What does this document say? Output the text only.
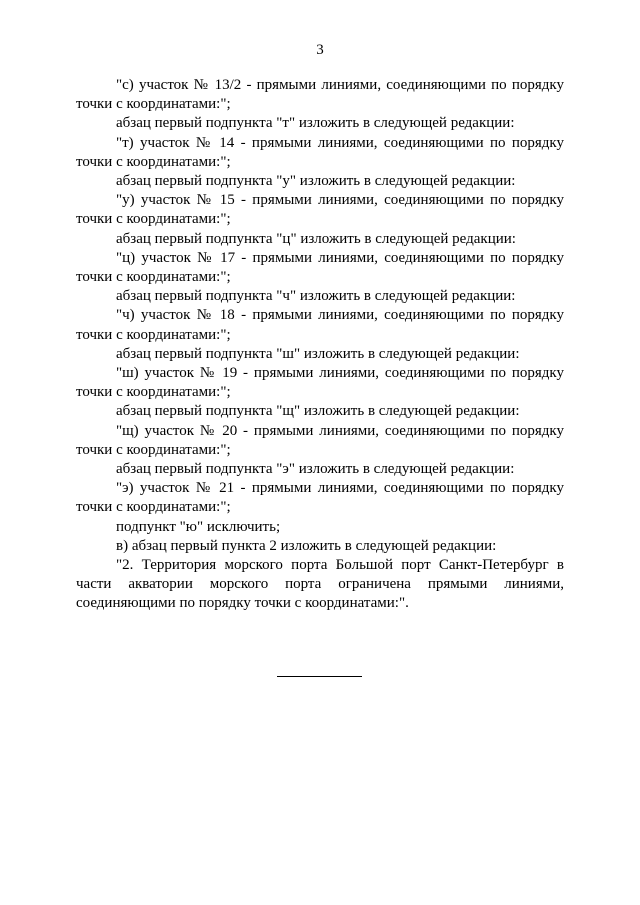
3

"с) участок № 13/2 - прямыми линиями, соединяющими по порядку точки с координатами:";

абзац первый подпункта "т" изложить в следующей редакции:

"т) участок № 14 - прямыми линиями, соединяющими по порядку точки с координатами:";

абзац первый подпункта "у" изложить в следующей редакции:

"у) участок № 15 - прямыми линиями, соединяющими по порядку точки с координатами:";

абзац первый подпункта "ц" изложить в следующей редакции:

"ц) участок № 17 - прямыми линиями, соединяющими по порядку точки с координатами:";

абзац первый подпункта "ч" изложить в следующей редакции:

"ч) участок № 18 - прямыми линиями, соединяющими по порядку точки с координатами:";

абзац первый подпункта "ш" изложить в следующей редакции:

"ш) участок № 19 - прямыми линиями, соединяющими по порядку точки с координатами:";

абзац первый подпункта "щ" изложить в следующей редакции:

"щ) участок № 20 - прямыми линиями, соединяющими по порядку точки с координатами:";

абзац первый подпункта "э" изложить в следующей редакции:

"э) участок № 21 - прямыми линиями, соединяющими по порядку точки с координатами:";

подпункт "ю" исключить;

в) абзац первый пункта 2 изложить в следующей редакции:

"2. Территория морского порта Большой порт Санкт-Петербург в части акватории морского порта ограничена прямыми линиями, соединяющими по порядку точки с координатами:".
